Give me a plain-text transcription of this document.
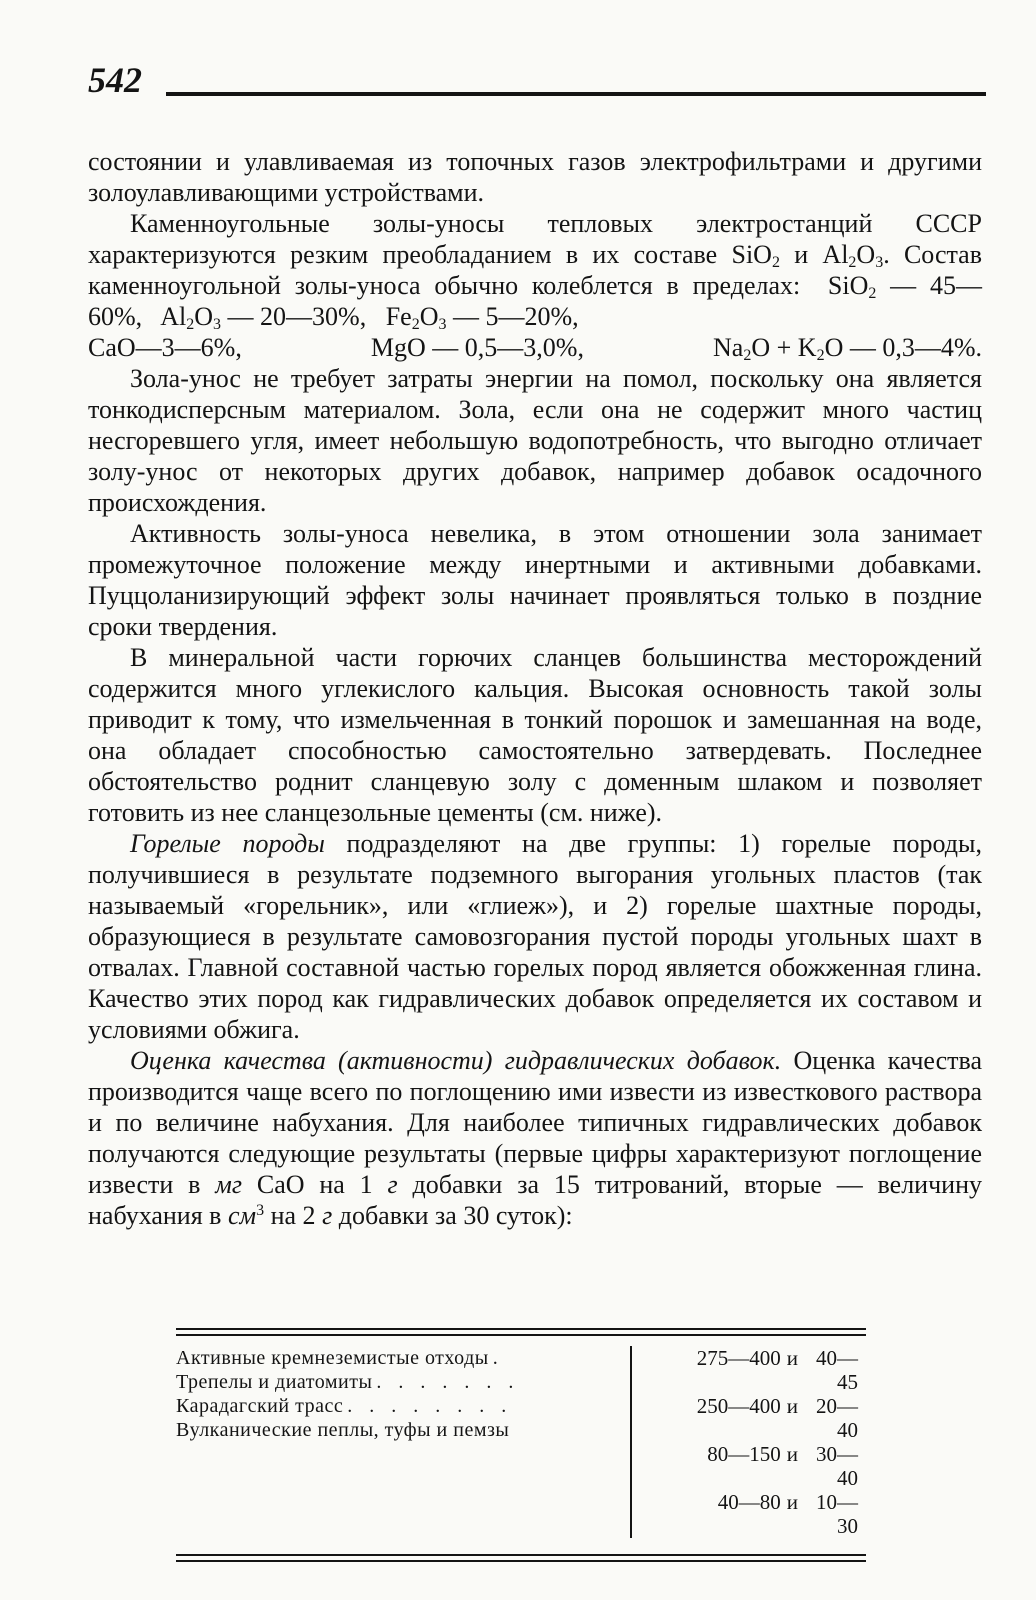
542

состоянии и улавливаемая из топочных газов электрофильтрами и другими золоулавливающими устройствами.

Каменноугольные золы-уносы тепловых электростанций СССР характеризуются резким преобладанием в их составе SiO$_2$ и $Al_2O_3$. Состав каменноугольной золы-уноса обычно колеблется в пределах: SiO$_2$ — 45—60%, $Al_2O_3$ — 20—30%, $Fe_2O_3$ — 5—20%,

CaO—3—6%,	MgO — 0,5—3,0%,	$Na_2O + K_2O$ — 0,3—4%.

Зола-унос не требует затраты энергии на помол, поскольку она является тонкодисперсным материалом. Зола, если она не содержит много частиц несгоревшего угля, имеет небольшую водопотребность, что выгодно отличает золу-унос от некоторых других добавок, например добавок осадочного происхождения.

Активность золы-уноса невелика, в этом отношении зола занимает промежуточное положение между инертными и активными добавками. Пуццоланизирующий эффект золы начинает проявляться только в поздние сроки твердения.

В минеральной части горючих сланцев большинства месторождений содержится много углекислого кальция. Высокая основность такой золы приводит к тому, что измельченная в тонкий порошок и замешанная на воде, она обладает способностью самостоятельно затвердевать. Последнее обстоятельство роднит сланцевую золу с доменным шлаком и позволяет готовить из нее сланцезольные цементы (см. ниже).

Горелые породы подразделяют на две группы: 1) горелые породы, получившиеся в результате подземного выгорания угольных пластов (так называемый «горельник», или «глиеж»), и 2) горелые шахтные породы, образующиеся в результате самовозгорания пустой породы угольных шахт в отвалах. Главной составной частью горелых пород является обожженная глина. Качество этих пород как гидравлических добавок определяется их составом и условиями обжига.

Оценка качества (активности) гидравлических добавок. Оценка качества производится чаще всего по поглощению ими извести из известкового раствора и по величине набухания. Для наиболее типичных гидравлических добавок получаются следующие результаты (первые цифры характеризуют поглощение извести в мг CaO на 1 г добавки за 15 титрований, вторые — величину набухания в $см^3$ на 2 г добавки за 30 суток):

Активные кремнеземистые отходы .
Трепелы и диатомиты . . . . . . .
Карадагский трасс . . . . . . . .
Вулканические пеплы, туфы и пемзы
275—400 и 40—45
250—400 и 20—40
80—150 и 30—40
40—80 и 10—30
